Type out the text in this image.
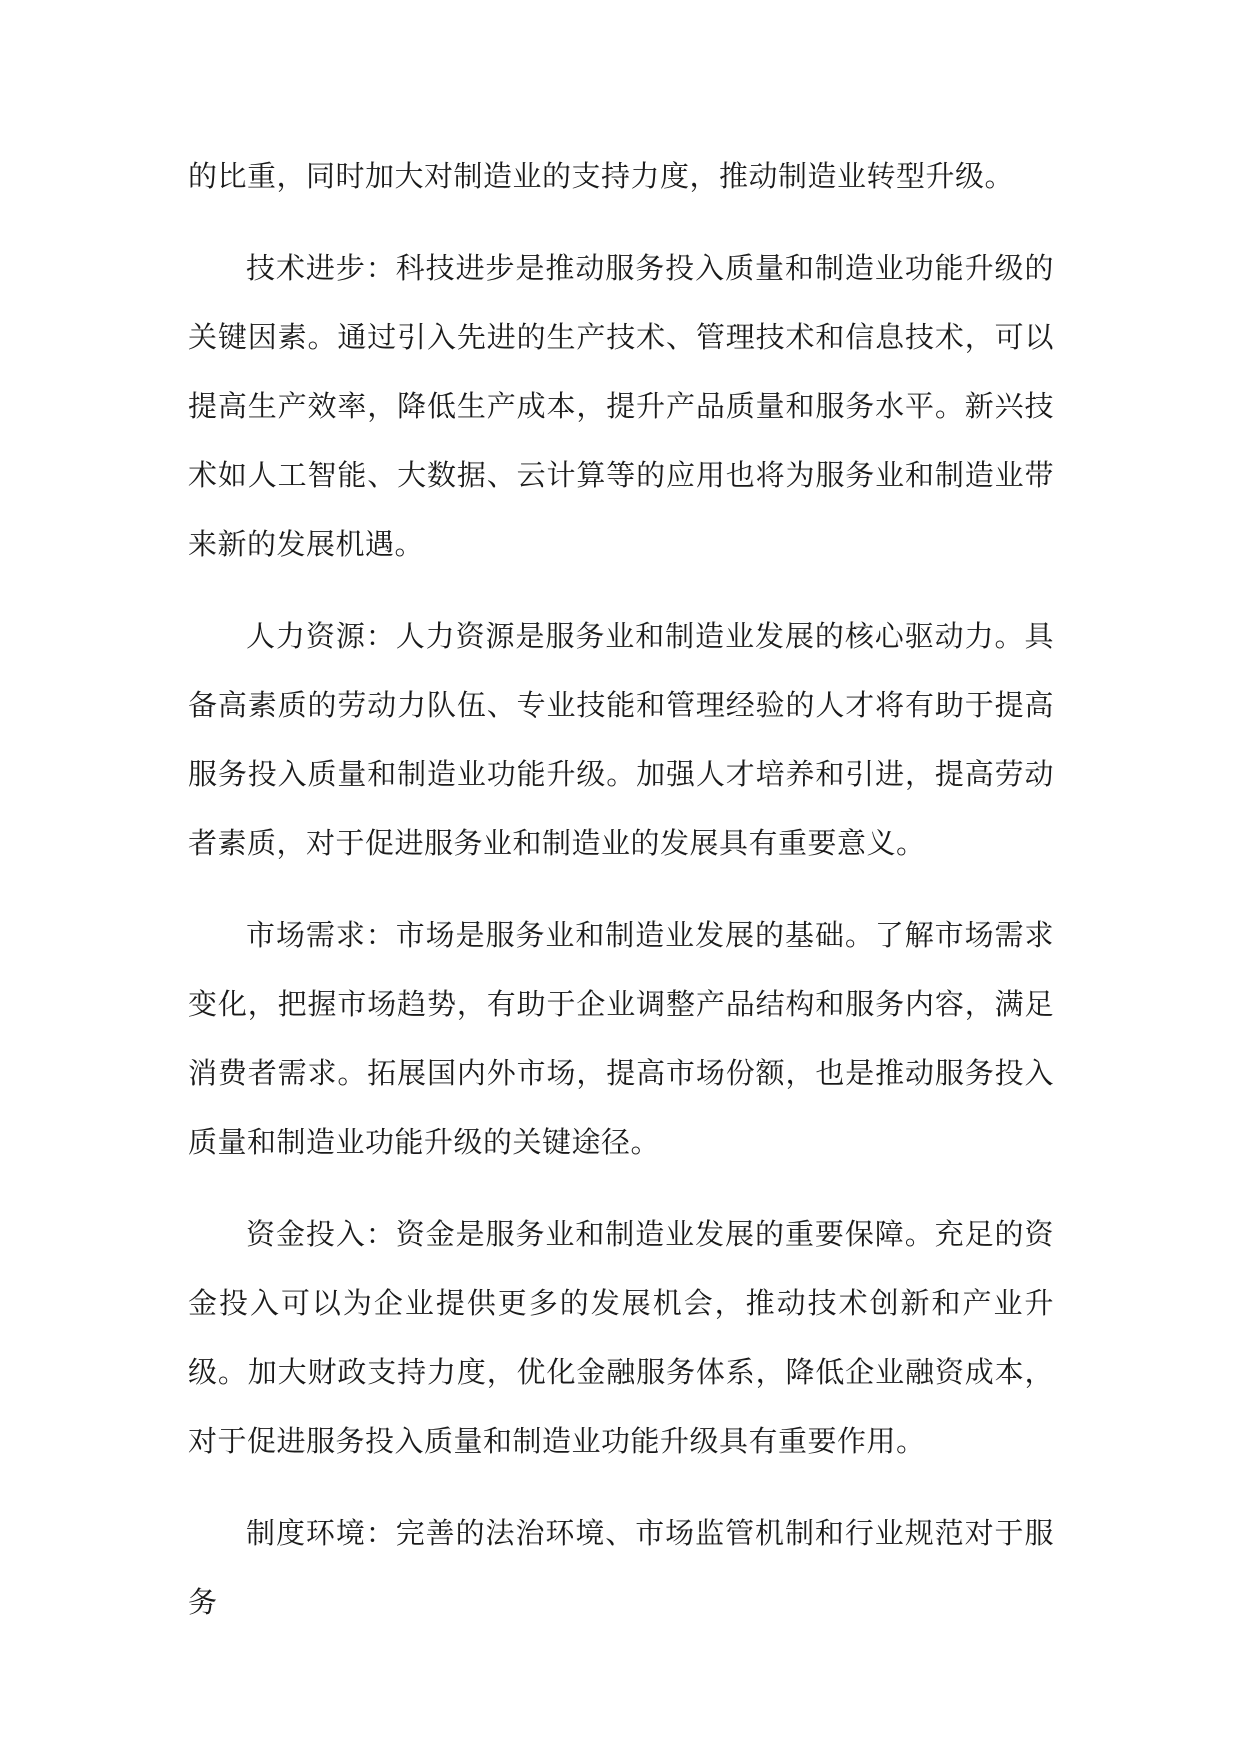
的比重，同时加大对制造业的支持力度，推动制造业转型升级。

技术进步：科技进步是推动服务投入质量和制造业功能升级的关键因素。通过引入先进的生产技术、管理技术和信息技术，可以提高生产效率，降低生产成本，提升产品质量和服务水平。新兴技术如人工智能、大数据、云计算等的应用也将为服务业和制造业带来新的发展机遇。

人力资源：人力资源是服务业和制造业发展的核心驱动力。具备高素质的劳动力队伍、专业技能和管理经验的人才将有助于提高服务投入质量和制造业功能升级。加强人才培养和引进，提高劳动者素质，对于促进服务业和制造业的发展具有重要意义。

市场需求：市场是服务业和制造业发展的基础。了解市场需求变化，把握市场趋势，有助于企业调整产品结构和服务内容，满足消费者需求。拓展国内外市场，提高市场份额，也是推动服务投入质量和制造业功能升级的关键途径。

资金投入：资金是服务业和制造业发展的重要保障。充足的资金投入可以为企业提供更多的发展机会，推动技术创新和产业升级。加大财政支持力度，优化金融服务体系，降低企业融资成本，对于促进服务投入质量和制造业功能升级具有重要作用。

制度环境：完善的法治环境、市场监管机制和行业规范对于服务
